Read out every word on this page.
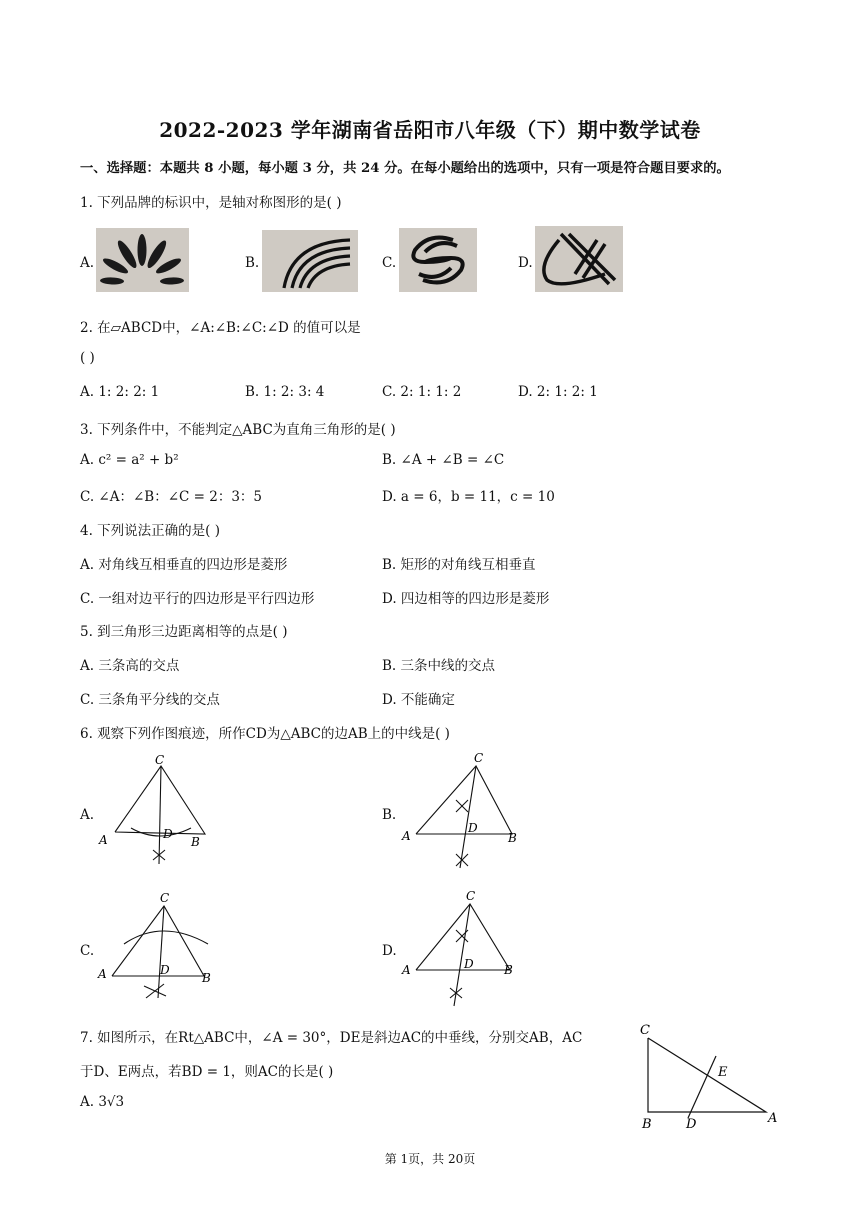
2022-2023 学年湖南省岳阳市八年级（下）期中数学试卷
一、选择题：本题共 8 小题，每小题 3 分，共 24 分。在每小题给出的选项中，只有一项是符合题目要求的。
1. 下列品牌的标识中，是轴对称图形的是( )
A.	B.	C.	D.
2. 在▱ABCD中，∠A:∠B:∠C:∠D 的值可以是
( )
A. 1: 2: 2: 1	B. 1: 2: 3: 4	C. 2: 1: 1: 2	D. 2: 1: 2: 1
3. 下列条件中，不能判定△ABC为直角三角形的是( )
A. c² = a² + b²	B. ∠A + ∠B = ∠C
C. ∠A：∠B：∠C = 2：3：5	D. a = 6，b = 11，c = 10
4. 下列说法正确的是( )
A. 对角线互相垂直的四边形是菱形	B. 矩形的对角线互相垂直
C. 一组对边平行的四边形是平行四边形	D. 四边相等的四边形是菱形
5. 到三角形三边距离相等的点是( )
A. 三条高的交点	B. 三条中线的交点
C. 三条角平分线的交点	D. 不能确定
6. 观察下列作图痕迹，所作CD为△ABC的边AB上的中线是( )
A.
C
A	B
D
B.
C
A	B
D
C.
C
A	B
D
D.
C
A	B
D
7. 如图所示，在Rt△ABC中，∠A = 30°，DE是斜边AC的中垂线，分别交AB，AC
于D、E两点，若BD = 1，则AC的长是( )
A. 3√3
C
B	D	A
E
第 1页，共 20页
